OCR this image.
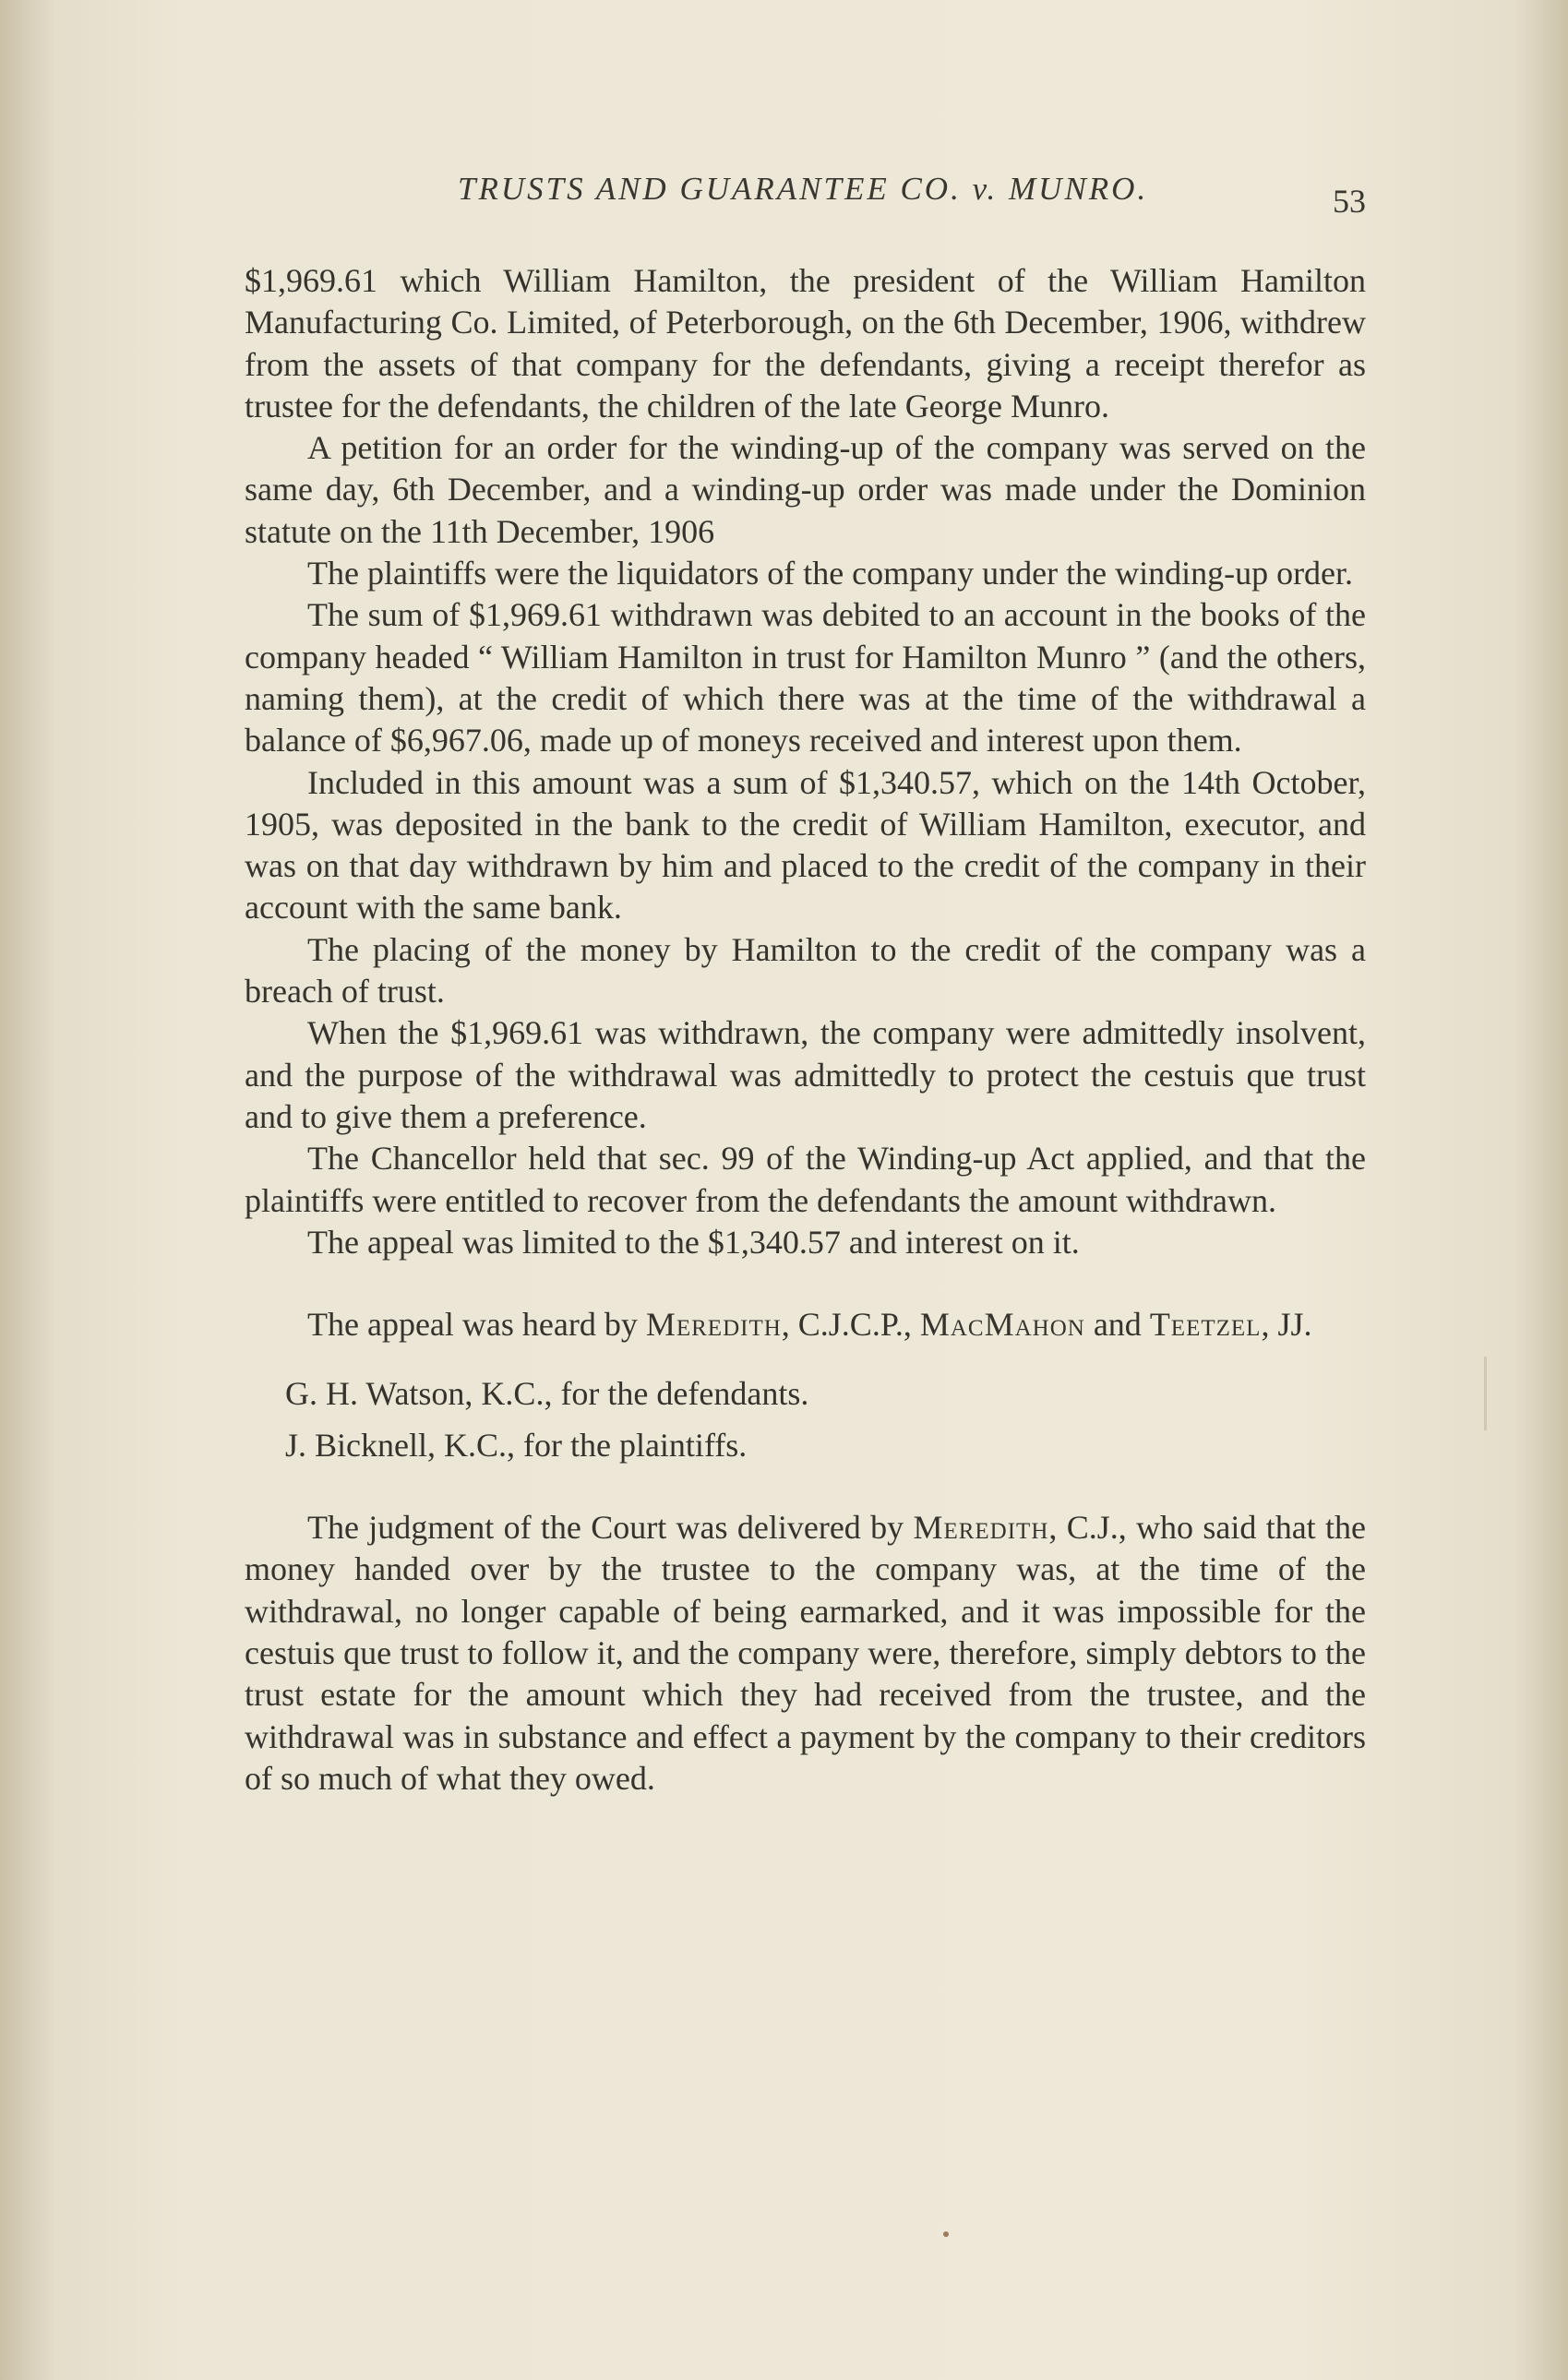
TRUSTS AND GUARANTEE CO. v. MUNRO.	53

$1,969.61 which William Hamilton, the president of the William Hamilton Manufacturing Co. Limited, of Peterborough, on the 6th December, 1906, withdrew from the assets of that company for the defendants, giving a receipt therefor as trustee for the defendants, the children of the late George Munro.

A petition for an order for the winding-up of the company was served on the same day, 6th December, and a winding-up order was made under the Dominion statute on the 11th December, 1906

The plaintiffs were the liquidators of the company under the winding-up order.

The sum of $1,969.61 withdrawn was debited to an account in the books of the company headed “ William Hamilton in trust for Hamilton Munro ” (and the others, naming them), at the credit of which there was at the time of the withdrawal a balance of $6,967.06, made up of moneys received and interest upon them.

Included in this amount was a sum of $1,340.57, which on the 14th October, 1905, was deposited in the bank to the credit of William Hamilton, executor, and was on that day withdrawn by him and placed to the credit of the company in their account with the same bank.

The placing of the money by Hamilton to the credit of the company was a breach of trust.

When the $1,969.61 was withdrawn, the company were admittedly insolvent, and the purpose of the withdrawal was admittedly to protect the cestuis que trust and to give them a preference.

The Chancellor held that sec. 99 of the Winding-up Act applied, and that the plaintiffs were entitled to recover from the defendants the amount withdrawn.

The appeal was limited to the $1,340.57 and interest on it.

The appeal was heard by Meredith, C.J.C.P., MacMahon and Teetzel, JJ.

G. H. Watson, K.C., for the defendants.

J. Bicknell, K.C., for the plaintiffs.

The judgment of the Court was delivered by Meredith, C.J., who said that the money handed over by the trustee to the company was, at the time of the withdrawal, no longer capable of being earmarked, and it was impossible for the cestuis que trust to follow it, and the company were, therefore, simply debtors to the trust estate for the amount which they had received from the trustee, and the withdrawal was in substance and effect a payment by the company to their creditors of so much of what they owed.
